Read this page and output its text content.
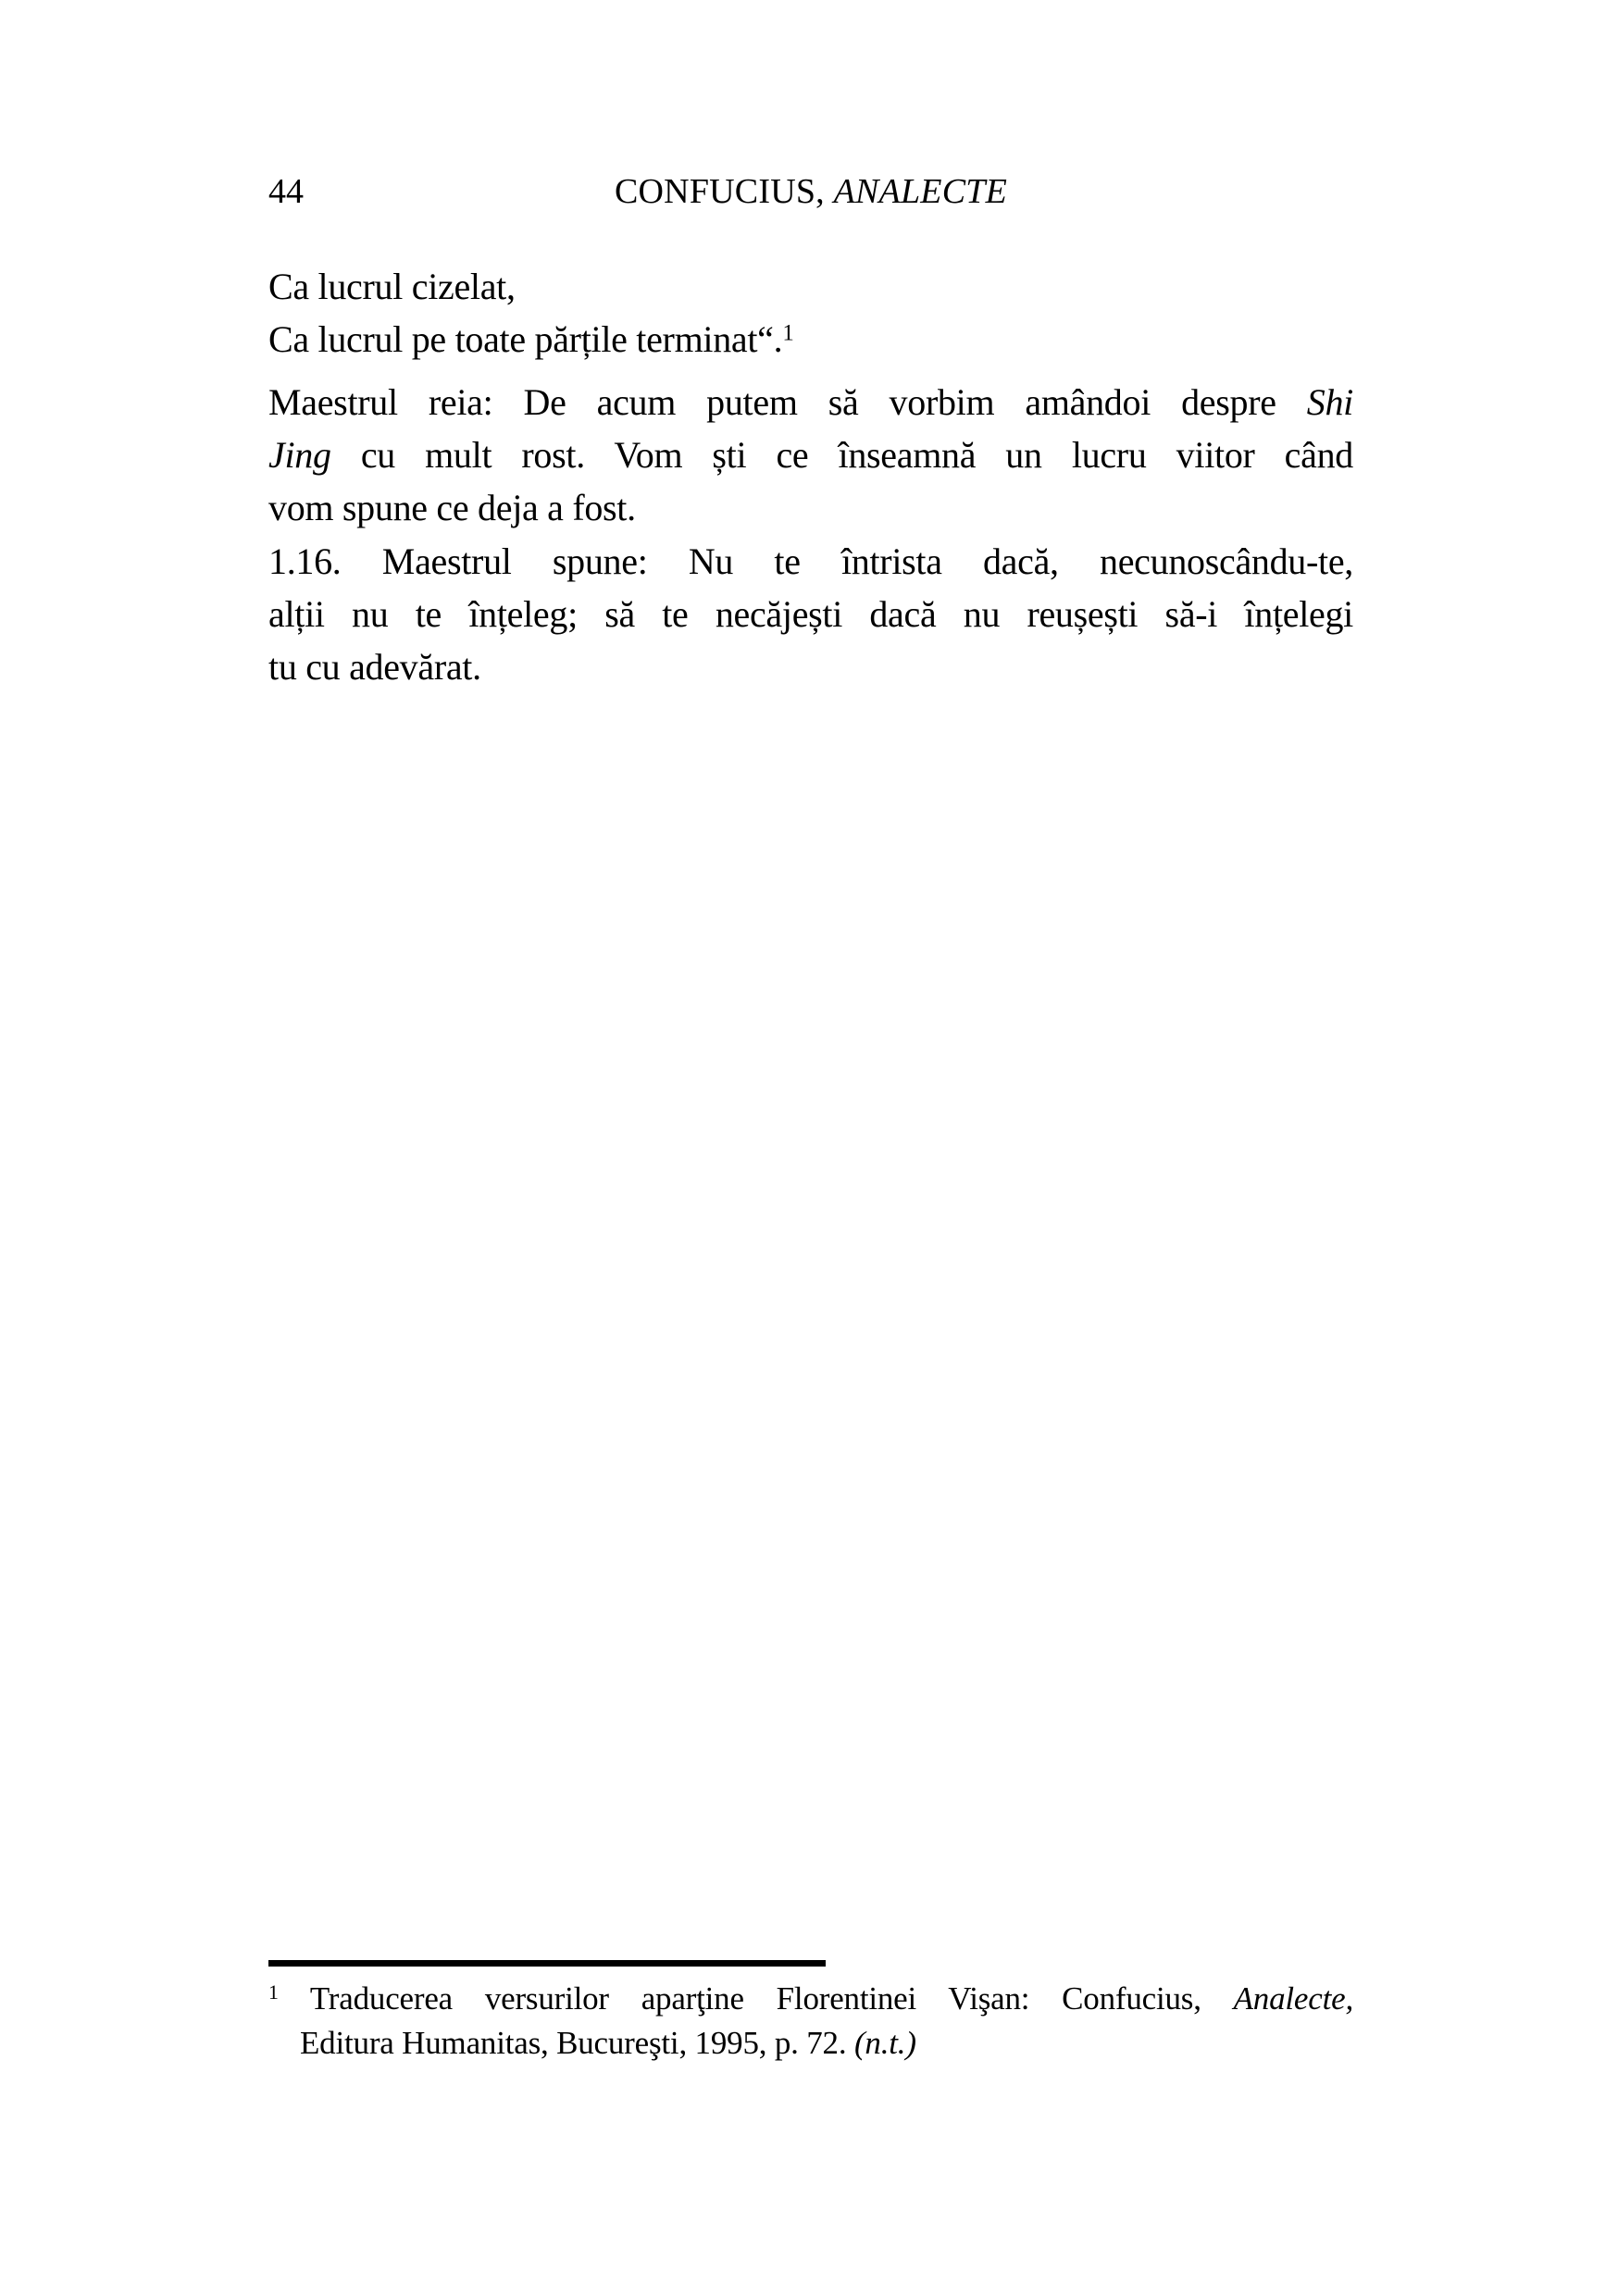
44	CONFUCIUS, ANALECTE
Ca lucrul cizelat,
Ca lucrul pe toate părțile terminat“.$^1$
Maestrul reia: De acum putem să vorbim amândoi despre Shi
Jing cu mult rost. Vom ști ce înseamnă un lucru viitor când
vom spune ce deja a fost.
1.16. Maestrul spune: Nu te întrista dacă, necunoscându-te,
alții nu te înțeleg; să te necăjești dacă nu reușești să-i înțelegi
tu cu adevărat.
$^1$ Traducerea versurilor aparţine Florentinei Vişan: Confucius, Analecte,
Editura Humanitas, Bucureşti, 1995, p. 72. (n.t.)
